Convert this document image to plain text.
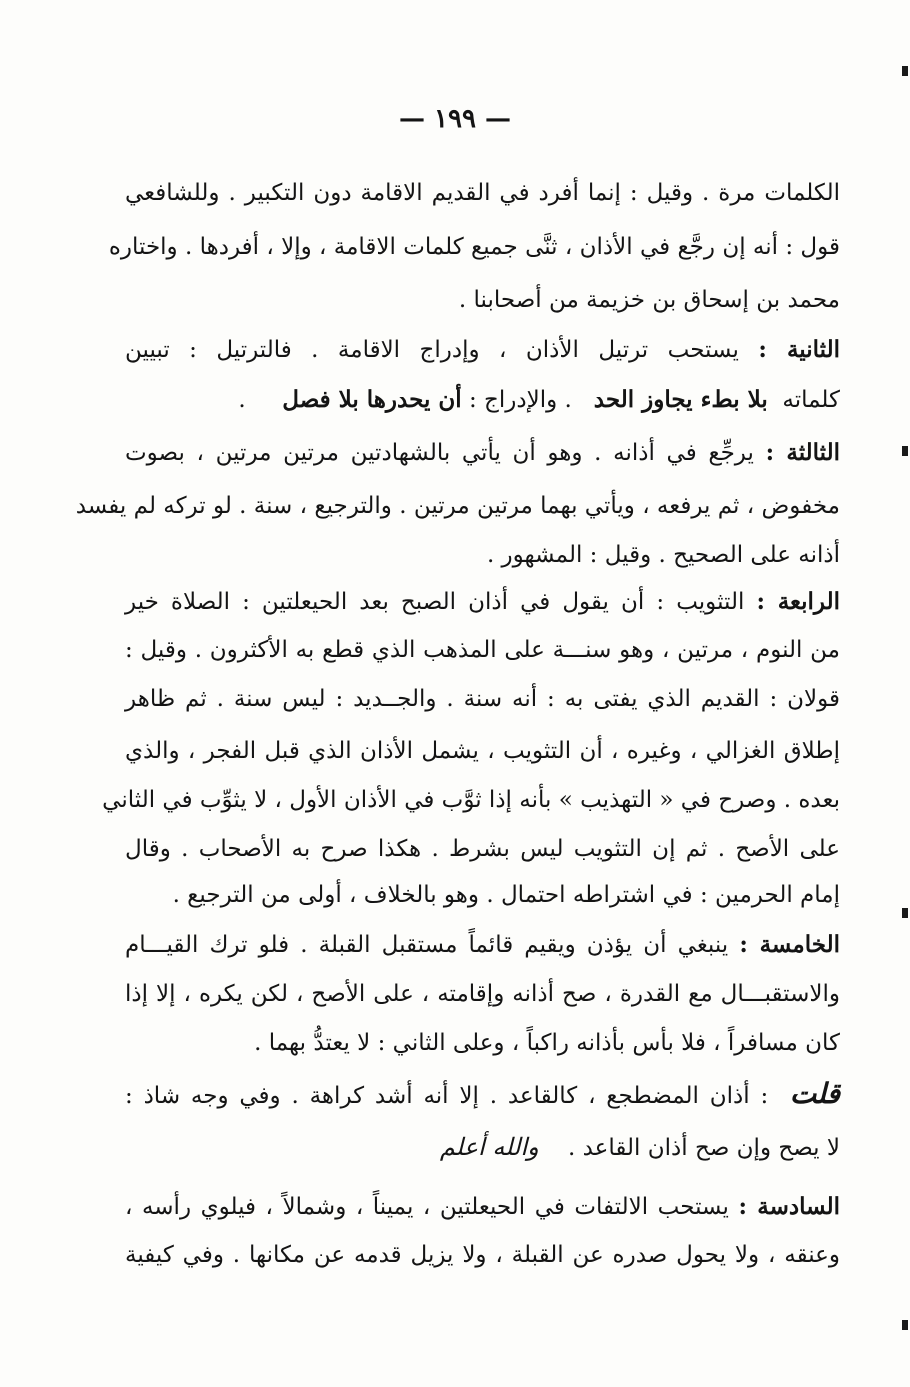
— ١٩٩ —
الكلمات مرة . وقيل : إنما أفرد في القديم الاقامة دون التكبير . وللشافعي
قول : أنه إن رجَّع في الأذان ، ثنَّى جميع كلمات الاقامة ، وإلا ، أفردها . واختاره
محمد بن إسحاق بن خزيمة من أصحابنا .
الثانية : يستحب ترتيل الأذان ، وإدراج الاقامة . فالترتيل : تبيين
كلماته  بلا بطء يجاوز الحد   . والإدراج : أن يحدرها بلا فصل     .
الثالثة : يرجِّع في أذانه . وهو أن يأتي بالشهادتين مرتين مرتين ، بصوت
مخفوض ، ثم يرفعه ، ويأتي بهما مرتين مرتين . والترجيع ، سنة . لو تركه لم يفسد
أذانه على الصحيح . وقيل : المشهور .
الرابعة : التثويب : أن يقول في أذان الصبح بعد الحيعلتين : الصلاة خير
من النوم ، مرتين ، وهو سنـــة على المذهب الذي قطع به الأكثرون . وقيل :
قولان : القديم الذي يفتى به : أنه سنة . والجــديد : ليس سنة . ثم ظاهر
إطلاق الغزالي ، وغيره ، أن التثويب ، يشمل الأذان الذي قبل الفجر ، والذي
بعده . وصرح في « التهذيب » بأنه إذا ثوَّب في الأذان الأول ، لا يثوِّب في الثاني
على الأصح . ثم إن التثويب ليس بشرط . هكذا صرح به الأصحاب . وقال
إمام الحرمين : في اشتراطه احتمال . وهو بالخلاف ، أولى من الترجيع .
الخامسة : ينبغي أن يؤذن ويقيم قائماً مستقبل القبلة . فلو ترك القيـــام
والاستقبـــال مع القدرة ، صح أذانه وإقامته ، على الأصح ، لكن يكره ، إلا إذا
كان مسافراً ، فلا بأس بأذانه راكباً ، وعلى الثاني : لا يعتدُّ بهما .
قلت  : أذان المضطجع ، كالقاعد . إلا أنه أشد كراهة . وفي وجه شاذ :
لا يصح وإن صح أذان القاعد .    والله أعلم
السادسة : يستحب الالتفات في الحيعلتين ، يميناً ، وشمالاً ، فيلوي رأسه ،
وعنقه ، ولا يحول صدره عن القبلة ، ولا يزيل قدمه عن مكانها . وفي كيفية
